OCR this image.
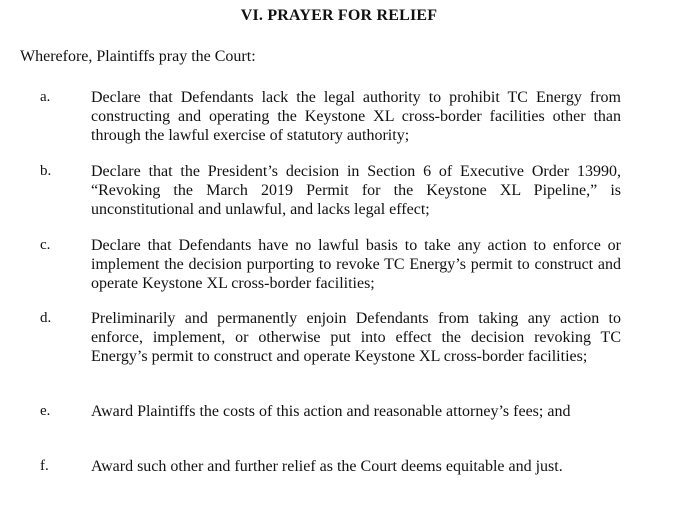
VI. PRAYER FOR RELIEF
Wherefore, Plaintiffs pray the Court:
a.	Declare that Defendants lack the legal authority to prohibit TC Energy from constructing and operating the Keystone XL cross-border facilities other than through the lawful exercise of statutory authority;
b. Declare that the President’s decision in Section 6 of Executive Order 13990, “Revoking the March 2019 Permit for the Keystone XL Pipeline,” is unconstitutional and unlawful, and lacks legal effect;
c.	Declare that Defendants have no lawful basis to take any action to enforce or implement the decision purporting to revoke TC Energy’s permit to construct and operate Keystone XL cross-border facilities;
d. Preliminarily and permanently enjoin Defendants from taking any action to enforce, implement, or otherwise put into effect the decision revoking TC Energy’s permit to construct and operate Keystone XL cross-border facilities;
e.	Award Plaintiffs the costs of this action and reasonable attorney’s fees; and
f.	Award such other and further relief as the Court deems equitable and just.
